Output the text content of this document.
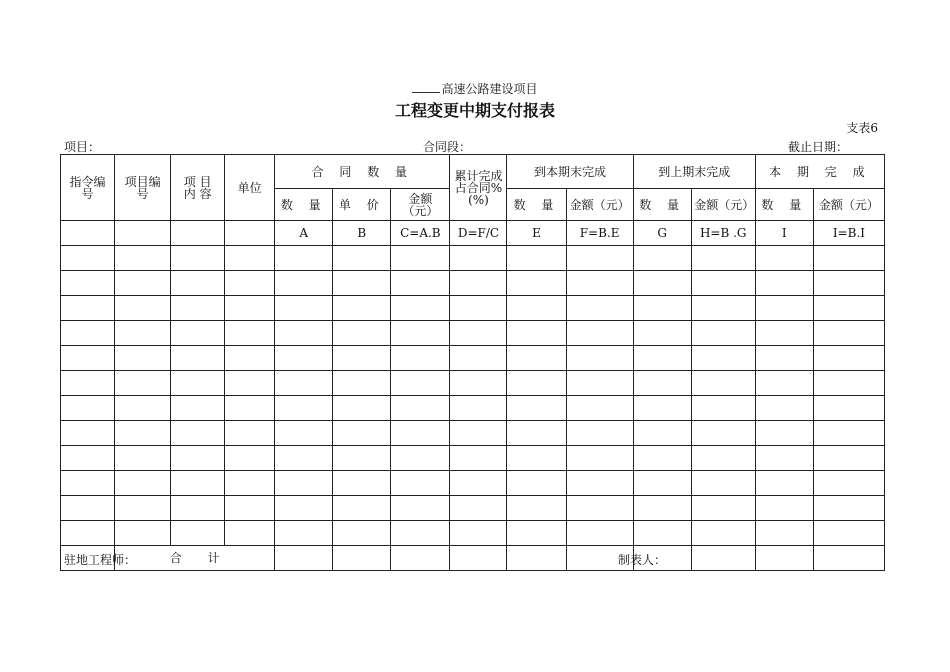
高速公路建设项目
工程变更中期支付报表
支表6
项目：	合同段：	截止日期：
指令编号	项目编号	项 目 内 容	单位	合 同 数 量			累计完成占合同%(%)	到本期末完成		到上期末完成		本 期 完 成	
				数 量	单 价	金额（元）		数 量	金额（元）	数 量	金额（元）	数 量	金额（元）
				A	B	C=A.B	D=F/C	E	F=B.E	G	H=B .G	I	I=B.I

	合 计												
驻地工程师：	制表人：
